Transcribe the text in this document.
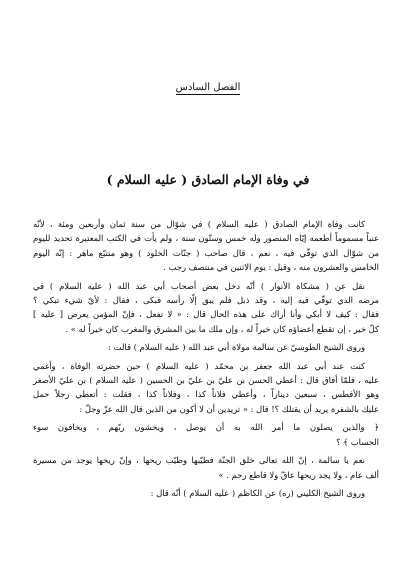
الفصل السادس
في وفاة الإمام الصادق ( عليه السلام )

كانت وفاة الإمام الصادق ( عليه السلام ) في شوّال من سنة ثمان وأربعين ومئة ، لأنّه
عنباً مسموماً أطعمه إيّاه المنصور وله خمس وستّون سنة ، ولم يأت في الكتب المعتبرة تحديد لليوم
من شوّال الذي توفّي فيه ، نعم ، قال صاحب ( جنّات الخلود ) وهو متتبّع ماهر : إنّه اليوم
الخامس والعشرون منه ، وقيل : يوم الاثنين في منتصف رجب .

نقل عن ( مشكاة الأنوار ) أنّه دخل بعض أصحاب أبي عبد الله ( عليه السلام ) في
مرضه الذي توفّي فيه إليه ، وقد ذبل فلم يبق إلّا رأسه فبكى ، فقال : لأيّ شيء تبكي ؟
فقال : كيف لا أبكي وأنا أراك على هذه الحال قال : « لا تفعل ، فإنّ المؤمن يعرض [ عليه ]
كلّ خير ، إن تقطع أعضاؤه كان خيراً له ، وإن ملك ما بين المشرق والمغرب كان خيراً له » .

وروى الشيخ الطوسيّ عن سالمة مولاة أبي عبد الله ( عليه السلام ) قالت :

كنت عند أبي عبد الله جعفر بن محمّد ( عليه السلام ) حين حضرته الوفاة ، وأغمي
عليه ، فلمّا أفاق قال : أعطي الحسن بن عليّ بن عليّ بن الحسين ( عليه السلام ) بن عليّ الأصغر
وهو الأفطس ، سبعين ديناراً ، وأعطي فلاناً كذا ، وفلاناً كذا ، فقلت : أتعطي رجلاً حمل
عليك بالشفرة يريد أن يقتلك ؟! قال : « تريدين أن لا أكون من الذين قال الله عزّ وجلّ :

﴿ والذين يصلون ما أمر الله به أن يوصل ، ويخشون ربّهم ، ويخافون سوء
الحساب ﴾ ؟

نعم يا سالمة ، إنّ الله تعالى خلق الجنّة فطيّبها وطيّب ريحها ، وإنّ ريحها يوجد من مسيرة
ألف عام ، ولا يجد ريحها عاقّ ولا قاطع رحم . »

وروى الشيخ الكليني (ره) عن الكاظم ( عليه السلام ) أنّه قال :
